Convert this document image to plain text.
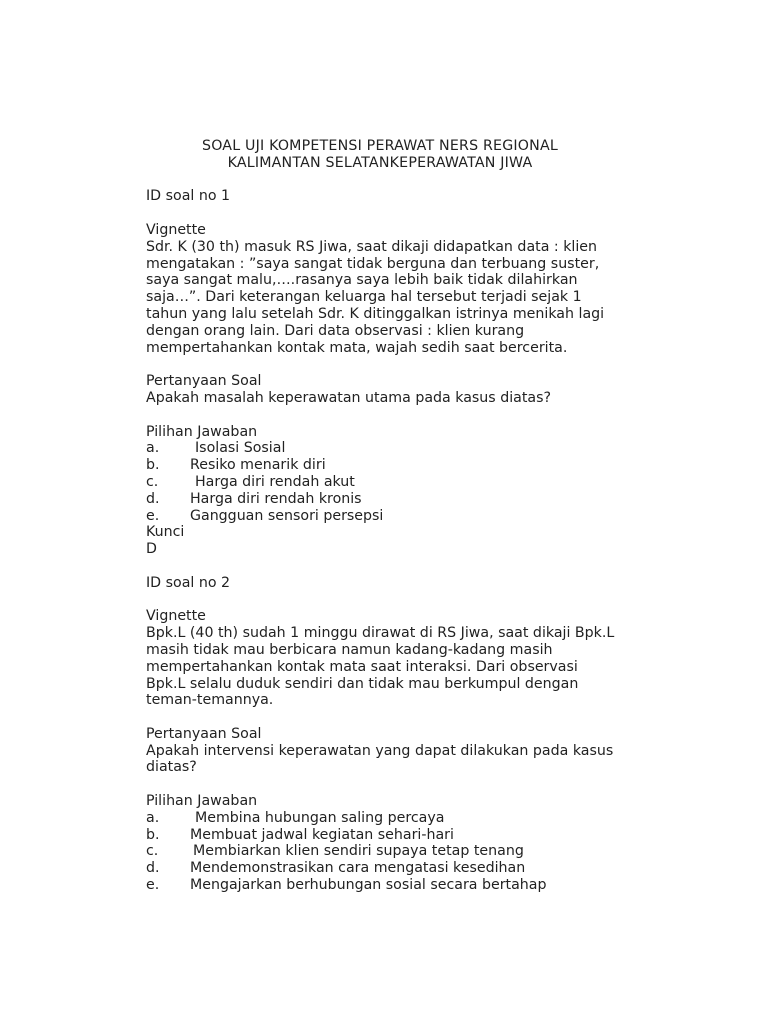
SOAL UJI KOMPETENSI PERAWAT NERS REGIONAL
KALIMANTAN SELATANKEPERAWATAN JIWA
ID soal no 1
Vignette
Sdr. K (30 th) masuk RS Jiwa, saat dikaji didapatkan data : klien
mengatakan : ”saya sangat tidak berguna dan terbuang suster,
saya sangat malu,….rasanya saya lebih baik tidak dilahirkan
saja…”. Dari keterangan keluarga hal tersebut terjadi sejak 1
tahun yang lalu setelah Sdr. K ditinggalkan istrinya menikah lagi
dengan orang lain. Dari data observasi : klien kurang
mempertahankan kontak mata, wajah sedih saat bercerita.
Pertanyaan Soal
Apakah masalah keperawatan utama pada kasus diatas?
Pilihan Jawaban
a.	Isolasi Sosial
b.	Resiko menarik diri
c.	Harga diri rendah akut
d.	Harga diri rendah kronis
e.	Gangguan sensori persepsi
Kunci
D
ID soal no 2
Vignette
Bpk.L (40 th) sudah 1 minggu dirawat di RS Jiwa, saat dikaji Bpk.L
masih tidak mau berbicara namun kadang-kadang masih
mempertahankan kontak mata saat interaksi. Dari observasi
Bpk.L selalu duduk sendiri dan tidak mau berkumpul dengan
teman-temannya.
Pertanyaan Soal
Apakah intervensi keperawatan yang dapat dilakukan pada kasus
diatas?
Pilihan Jawaban
a.	Membina hubungan saling percaya
b.	Membuat jadwal kegiatan sehari-hari
c.	Membiarkan klien sendiri supaya tetap tenang
d.	Mendemonstrasikan cara mengatasi kesedihan
e.	Mengajarkan berhubungan sosial secara bertahap
